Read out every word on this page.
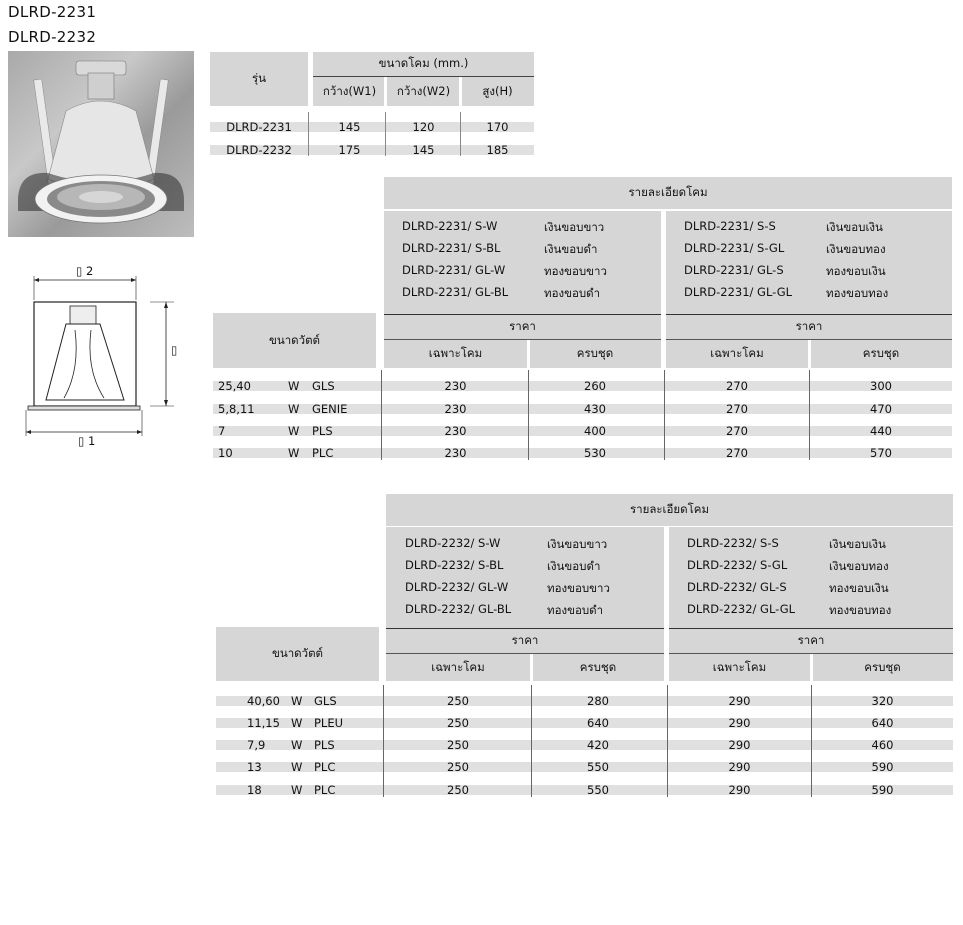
DLRD-2231
DLRD-2232
▯ 2
▯
▯ 1
รุ่น
ขนาดโคม (mm.)
กว้าง(W1)	กว้าง(W2)	สูง(H)
DLRD-2231	145	120	170
DLRD-2232	175	145	185
รายละเอียดโคม
DLRD-2231/ S-W	เงินขอบขาว
DLRD-2231/ S-BL	เงินขอบดำ
DLRD-2231/ GL-W	ทองขอบขาว
DLRD-2231/ GL-BL	ทองขอบดำ
DLRD-2231/ S-S	เงินขอบเงิน
DLRD-2231/ S-GL	เงินขอบทอง
DLRD-2231/ GL-S	ทองขอบเงิน
DLRD-2231/ GL-GL	ทองขอบทอง
ขนาดวัตต์
ราคา	ราคา
เฉพาะโคม	ครบชุด	เฉพาะโคม	ครบชุด
25,40	W GLS	230	260	270	300
5,8,11	W GENIE	230	430	270	470
7	W PLS	230	400	270	440
10	W PLC	230	530	270	570
รายละเอียดโคม
DLRD-2232/ S-W	เงินขอบขาว
DLRD-2232/ S-BL	เงินขอบดำ
DLRD-2232/ GL-W	ทองขอบขาว
DLRD-2232/ GL-BL	ทองขอบดำ
DLRD-2232/ S-S	เงินขอบเงิน
DLRD-2232/ S-GL	เงินขอบทอง
DLRD-2232/ GL-S	ทองขอบเงิน
DLRD-2232/ GL-GL	ทองขอบทอง
ขนาดวัตต์
ราคา	ราคา
เฉพาะโคม	ครบชุด	เฉพาะโคม	ครบชุด
40,60 W GLS	250	280	290	320
11,15 W PLEU	250	640	290	640
7,9	W PLS	250	420	290	460
13	W PLC	250	550	290	590
18	W PLC	250	550	290	590
